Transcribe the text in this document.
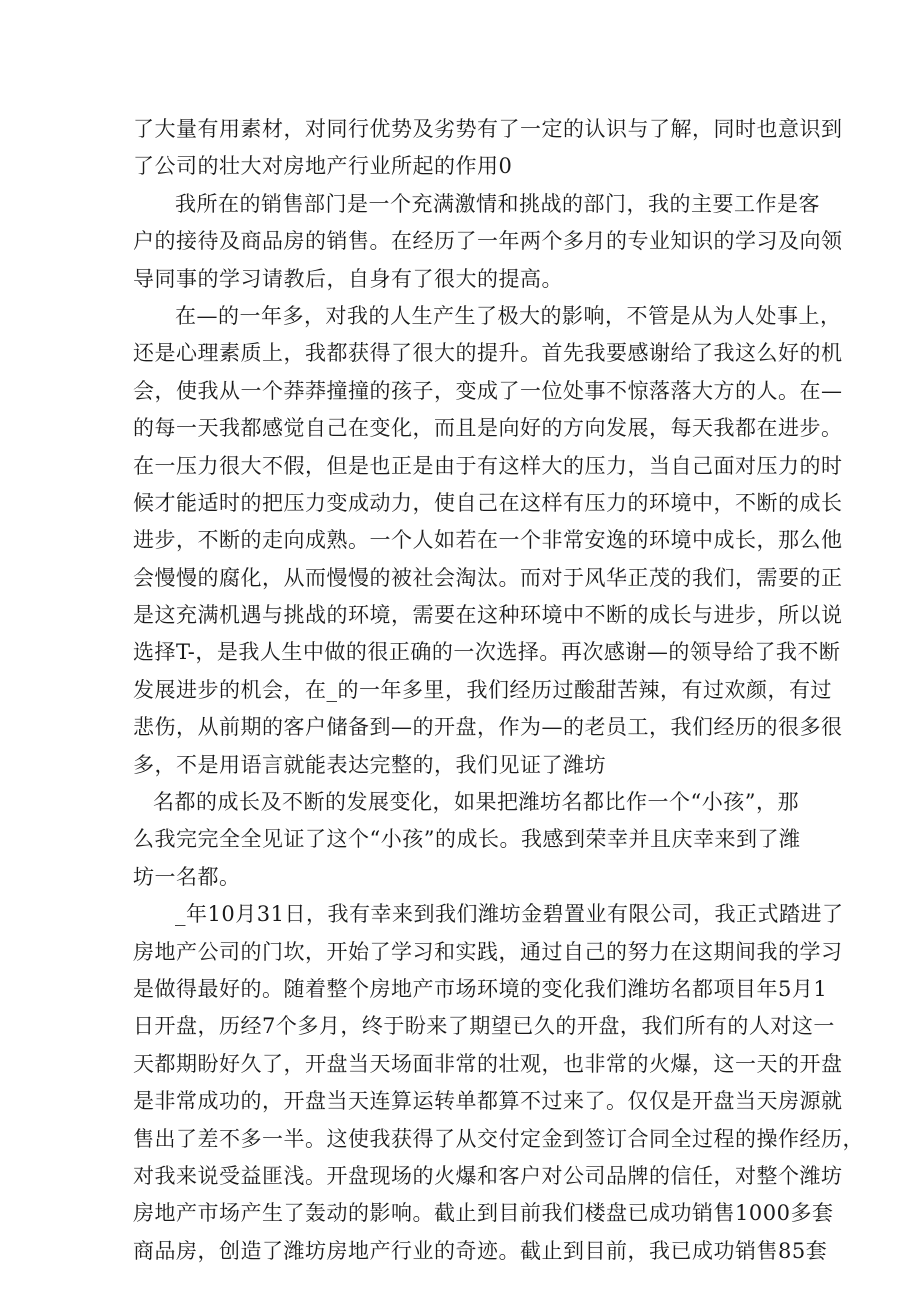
了大量有用素材，对同行优势及劣势有了一定的认识与了解，同时也意识到
了公司的壮大对房地产行业所起的作用0
我所在的销售部门是一个充满激情和挑战的部门，我的主要工作是客
户的接待及商品房的销售。在经历了一年两个多月的专业知识的学习及向领
导同事的学习请教后，自身有了很大的提高。
在—的一年多，对我的人生产生了极大的影响，不管是从为人处事上，
还是心理素质上，我都获得了很大的提升。首先我要感谢给了我这么好的机
会，使我从一个莽莽撞撞的孩子，变成了一位处事不惊落落大方的人。在—
的每一天我都感觉自己在变化，而且是向好的方向发展，每天我都在进步。
在一压力很大不假，但是也正是由于有这样大的压力，当自己面对压力的时
候才能适时的把压力变成动力，使自己在这样有压力的环境中，不断的成长
进步，不断的走向成熟。一个人如若在一个非常安逸的环境中成长，那么他
会慢慢的腐化，从而慢慢的被社会淘汰。而对于风华正茂的我们，需要的正
是这充满机遇与挑战的环境，需要在这种环境中不断的成长与进步，所以说
选择T-，是我人生中做的很正确的一次选择。再次感谢—的领导给了我不断
发展进步的机会，在_的一年多里，我们经历过酸甜苦辣，有过欢颜，有过
悲伤，从前期的客户储备到—的开盘，作为—的老员工，我们经历的很多很
多，不是用语言就能表达完整的，我们见证了潍坊
名都的成长及不断的发展变化，如果把潍坊名都比作一个“小孩”，那
么我完完全全见证了这个“小孩”的成长。我感到荣幸并且庆幸来到了潍
坊一名都。
_年10月31日，我有幸来到我们潍坊金碧置业有限公司，我正式踏进了
房地产公司的门坎，开始了学习和实践，通过自己的努力在这期间我的学习
是做得最好的。随着整个房地产市场环境的变化我们潍坊名都项目年5月1
日开盘，历经7个多月，终于盼来了期望已久的开盘，我们所有的人对这一
天都期盼好久了，开盘当天场面非常的壮观，也非常的火爆，这一天的开盘
是非常成功的，开盘当天连算运转单都算不过来了。仅仅是开盘当天房源就
售出了差不多一半。这使我获得了从交付定金到签订合同全过程的操作经历，
对我来说受益匪浅。开盘现场的火爆和客户对公司品牌的信任，对整个潍坊
房地产市场产生了轰动的影响。截止到目前我们楼盘已成功销售1000多套
商品房，创造了潍坊房地产行业的奇迹。截止到目前，我已成功销售85套
